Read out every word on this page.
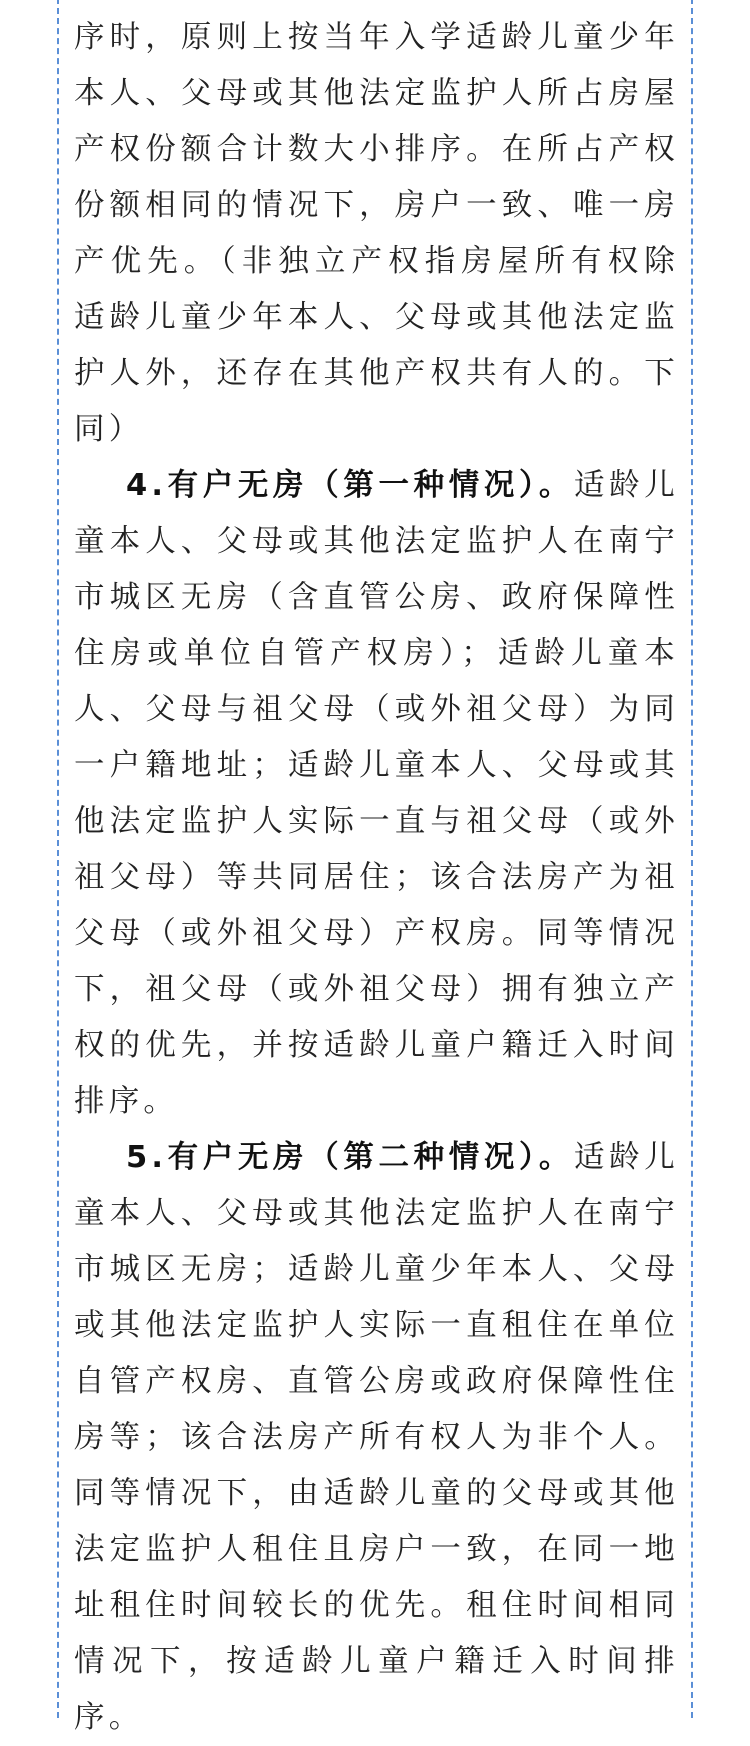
序时，原则上按当年入学适龄儿童少年本人、父母或其他法定监护人所占房屋产权份额合计数大小排序。在所占产权份额相同的情况下，房户一致、唯一房产优先。（非独立产权指房屋所有权除适龄儿童少年本人、父母或其他法定监护人外，还存在其他产权共有人的。下同）

4.有户无房（第一种情况）。适龄儿童本人、父母或其他法定监护人在南宁市城区无房（含直管公房、政府保障性住房或单位自管产权房）；适龄儿童本人、父母与祖父母（或外祖父母）为同一户籍地址；适龄儿童本人、父母或其他法定监护人实际一直与祖父母（或外祖父母）等共同居住；该合法房产为祖父母（或外祖父母）产权房。同等情况下，祖父母（或外祖父母）拥有独立产权的优先，并按适龄儿童户籍迁入时间排序。

5.有户无房（第二种情况）。适龄儿童本人、父母或其他法定监护人在南宁市城区无房；适龄儿童少年本人、父母或其他法定监护人实际一直租住在单位自管产权房、直管公房或政府保障性住房等；该合法房产所有权人为非个人。同等情况下，由适龄儿童的父母或其他法定监护人租住且房户一致，在同一地址租住时间较长的优先。租住时间相同情况下，按适龄儿童户籍迁入时间排序。
